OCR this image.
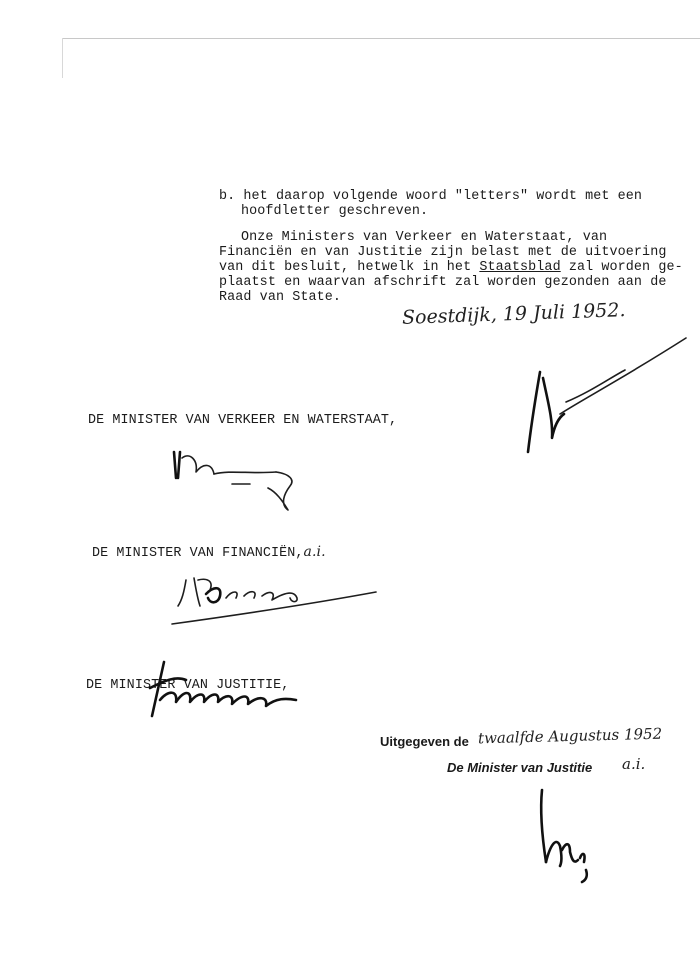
b. het daarop volgende woord "letters" wordt met een
hoofdletter geschreven.
Onze Ministers van Verkeer en Waterstaat, van
Financiën en van Justitie zijn belast met de uitvoering
van dit besluit, hetwelk in het Staatsblad zal worden ge-
plaatst en waarvan afschrift zal worden gezonden aan de
Raad van State.
Soestdijk, 19 Juli 1952.
DE MINISTER VAN VERKEER EN WATERSTAAT,
DE MINISTER VAN FINANCIËN,a.i.
DE MINISTER VAN JUSTITIE,
Uitgegeven de twaalfde Augustus 1952
De Minister van Justitie a.i.
